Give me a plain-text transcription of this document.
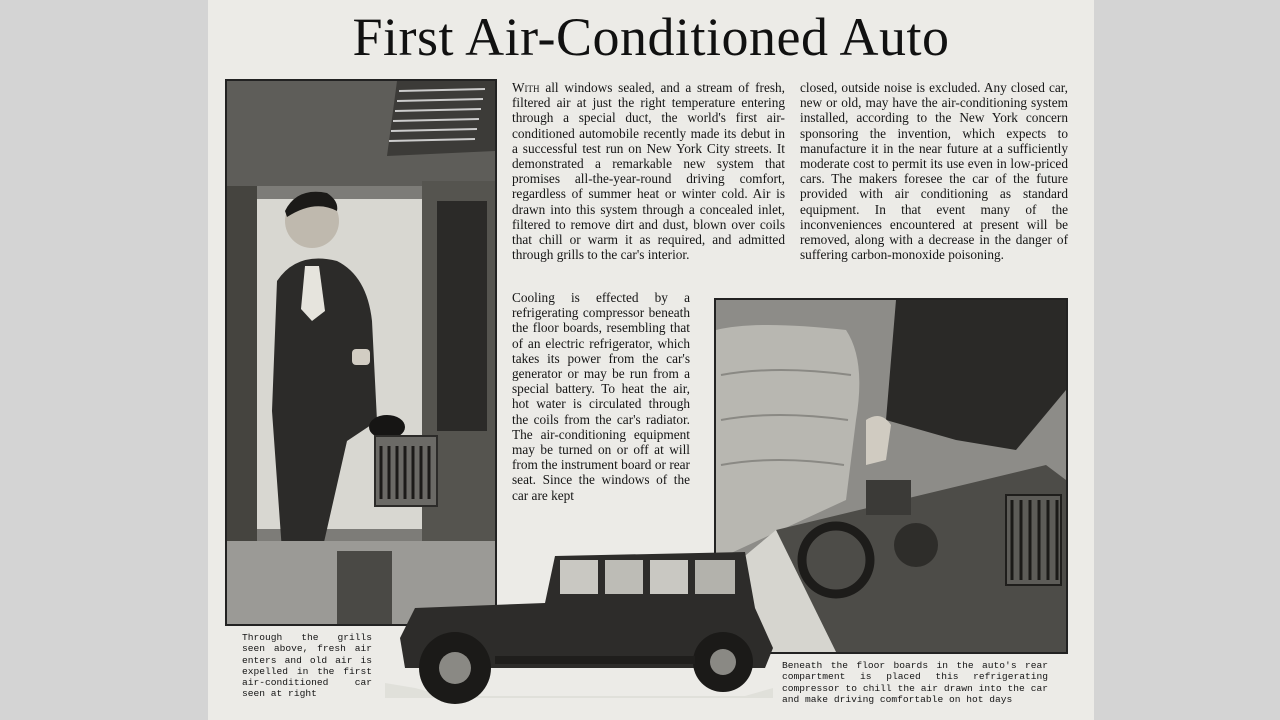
First Air-Conditioned Auto

With all windows sealed, and a stream of fresh, filtered air at just the right temperature entering through a special duct, the world's first air-conditioned automobile recently made its debut in a successful test run on New York City streets. It demonstrated a remarkable new system that promises all-the-year-round driving comfort, regardless of summer heat or winter cold. Air is drawn into this system through a concealed inlet, filtered to remove dirt and dust, blown over coils that chill or warm it as required, and admitted through grills to the car's interior.

Cooling is effected by a refrigerating compressor beneath the floor boards, resembling that of an electric refrigerator, which takes its power from the car's generator or may be run from a special battery. To heat the air, hot water is circulated through the coils from the car's radiator. The air-conditioning equipment may be turned on or off at will from the instrument board or rear seat. Since the windows of the car are kept

closed, outside noise is excluded. Any closed car, new or old, may have the air-conditioning system installed, according to the New York concern sponsoring the invention, which expects to manufacture it in the near future at a sufficiently moderate cost to permit its use even in low-priced cars. The makers foresee the car of the future provided with air conditioning as standard equipment. In that event many of the inconveniences encountered at present will be removed, along with a decrease in the danger of suffering carbon-monoxide poisoning.

Through the grills seen above, fresh air enters and old air is expelled in the first air-conditioned car seen at right
Beneath the floor boards in the auto's rear compartment is placed this refrigerating compressor to chill the air drawn into the car and make driving comfortable on hot days
